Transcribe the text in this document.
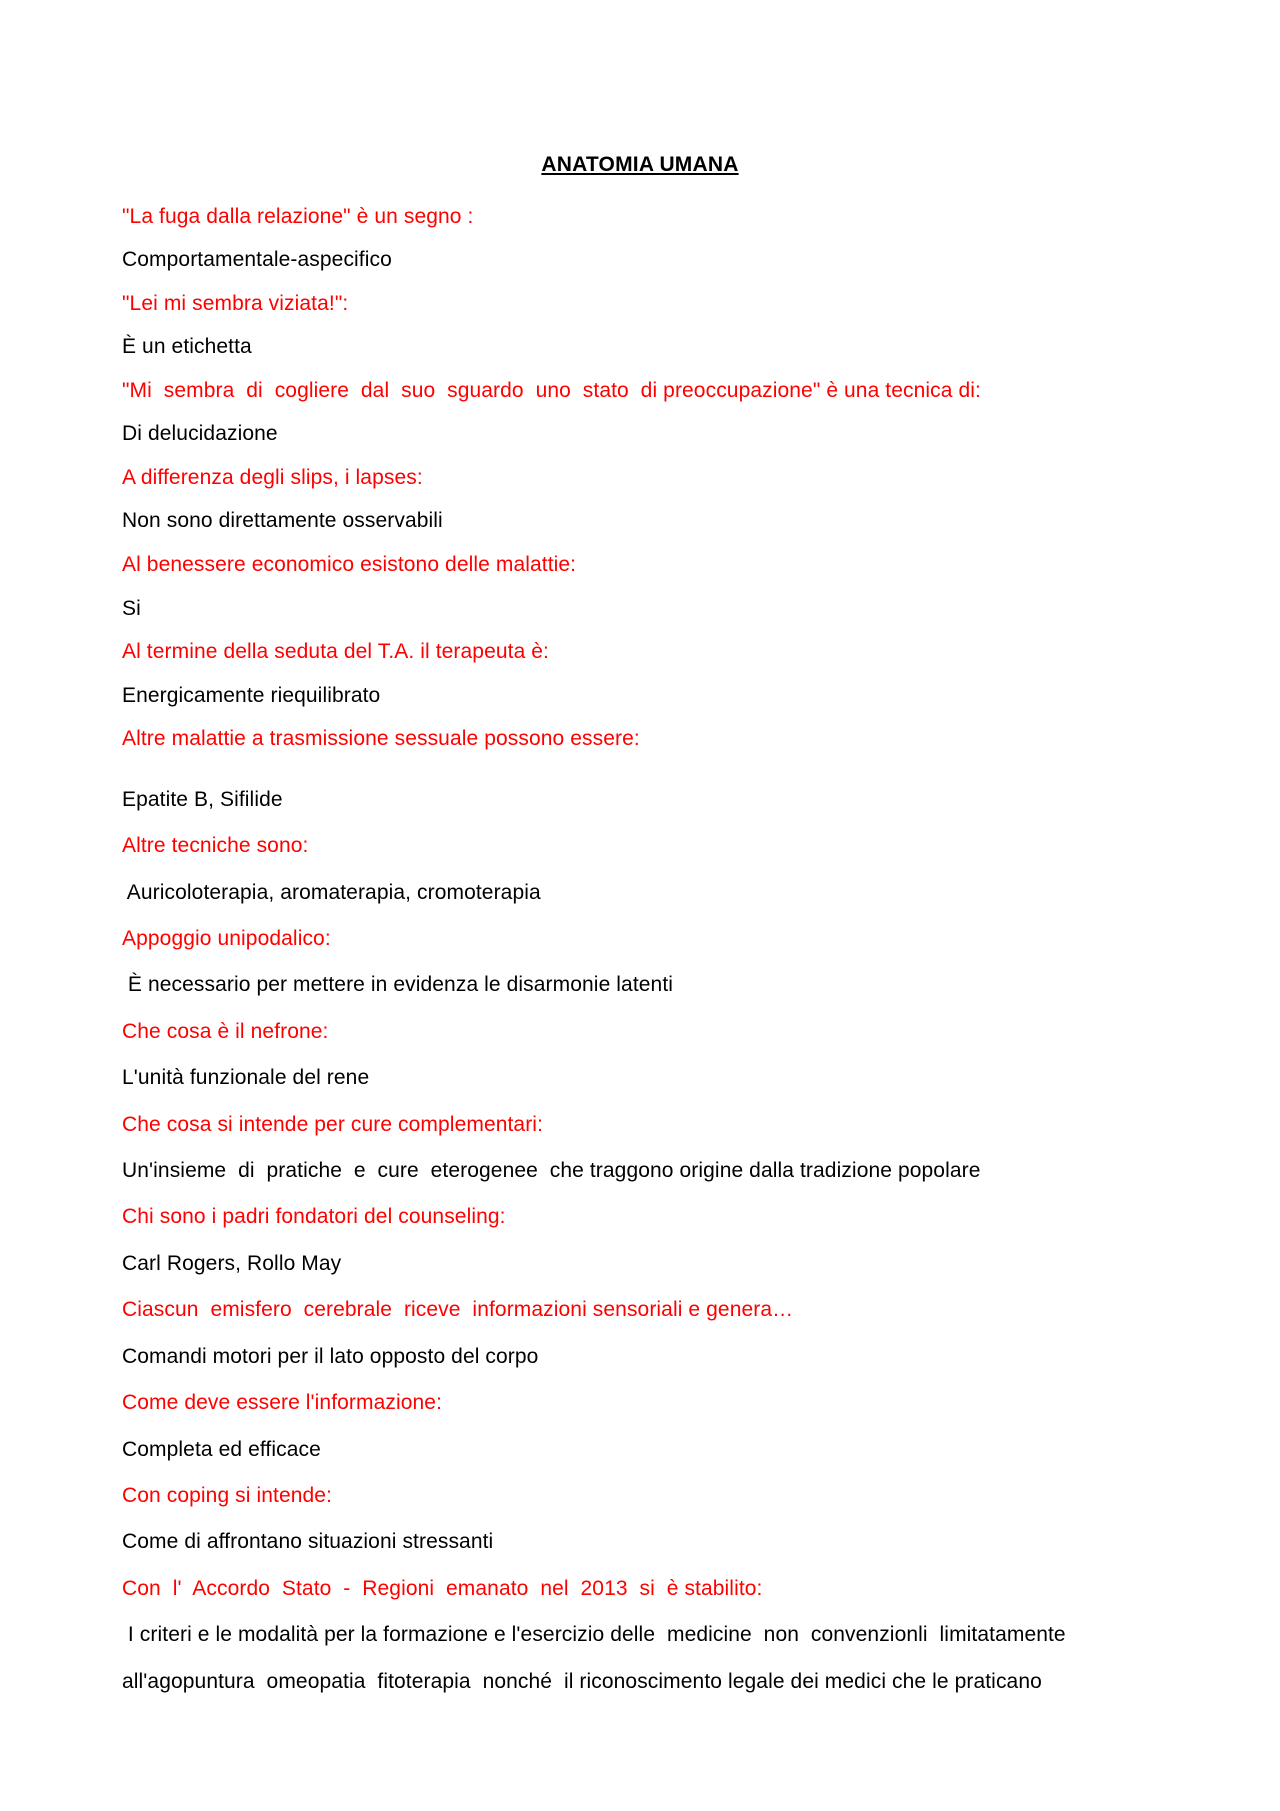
ANATOMIA UMANA
"La fuga dalla relazione" è un segno :
Comportamentale-aspecifico
"Lei mi sembra viziata!":
È un etichetta
"Mi  sembra  di  cogliere  dal  suo  sguardo  uno  stato  di preoccupazione" è una tecnica di:
Di delucidazione
A differenza degli slips, i lapses:
Non sono direttamente osservabili
Al benessere economico esistono delle malattie:
Si
Al termine della seduta del T.A. il terapeuta è:
Energicamente riequilibrato
Altre malattie a trasmissione sessuale possono essere:
Epatite B, Sifilide
Altre tecniche sono:
Auricoloterapia, aromaterapia, cromoterapia
Appoggio unipodalico:
È necessario per mettere in evidenza le disarmonie latenti
Che cosa è il nefrone:
L'unità funzionale del rene
Che cosa si intende per cure complementari:
Un'insieme  di  pratiche  e  cure  eterogenee  che traggono origine dalla tradizione popolare
Chi sono i padri fondatori del counseling:
Carl Rogers, Rollo May
Ciascun  emisfero  cerebrale  riceve  informazioni sensoriali e genera…
Comandi motori per il lato opposto del corpo
Come deve essere l'informazione:
Completa ed efficace
Con coping si intende:
Come di affrontano situazioni stressanti
Con  l'  Accordo  Stato  -  Regioni  emanato  nel  2013  si  è stabilito:
I criteri e le modalità per la formazione e l'esercizio delle  medicine  non  convenzionli  limitatamente
all'agopuntura  omeopatia  fitoterapia  nonché  il riconoscimento legale dei medici che le praticano
